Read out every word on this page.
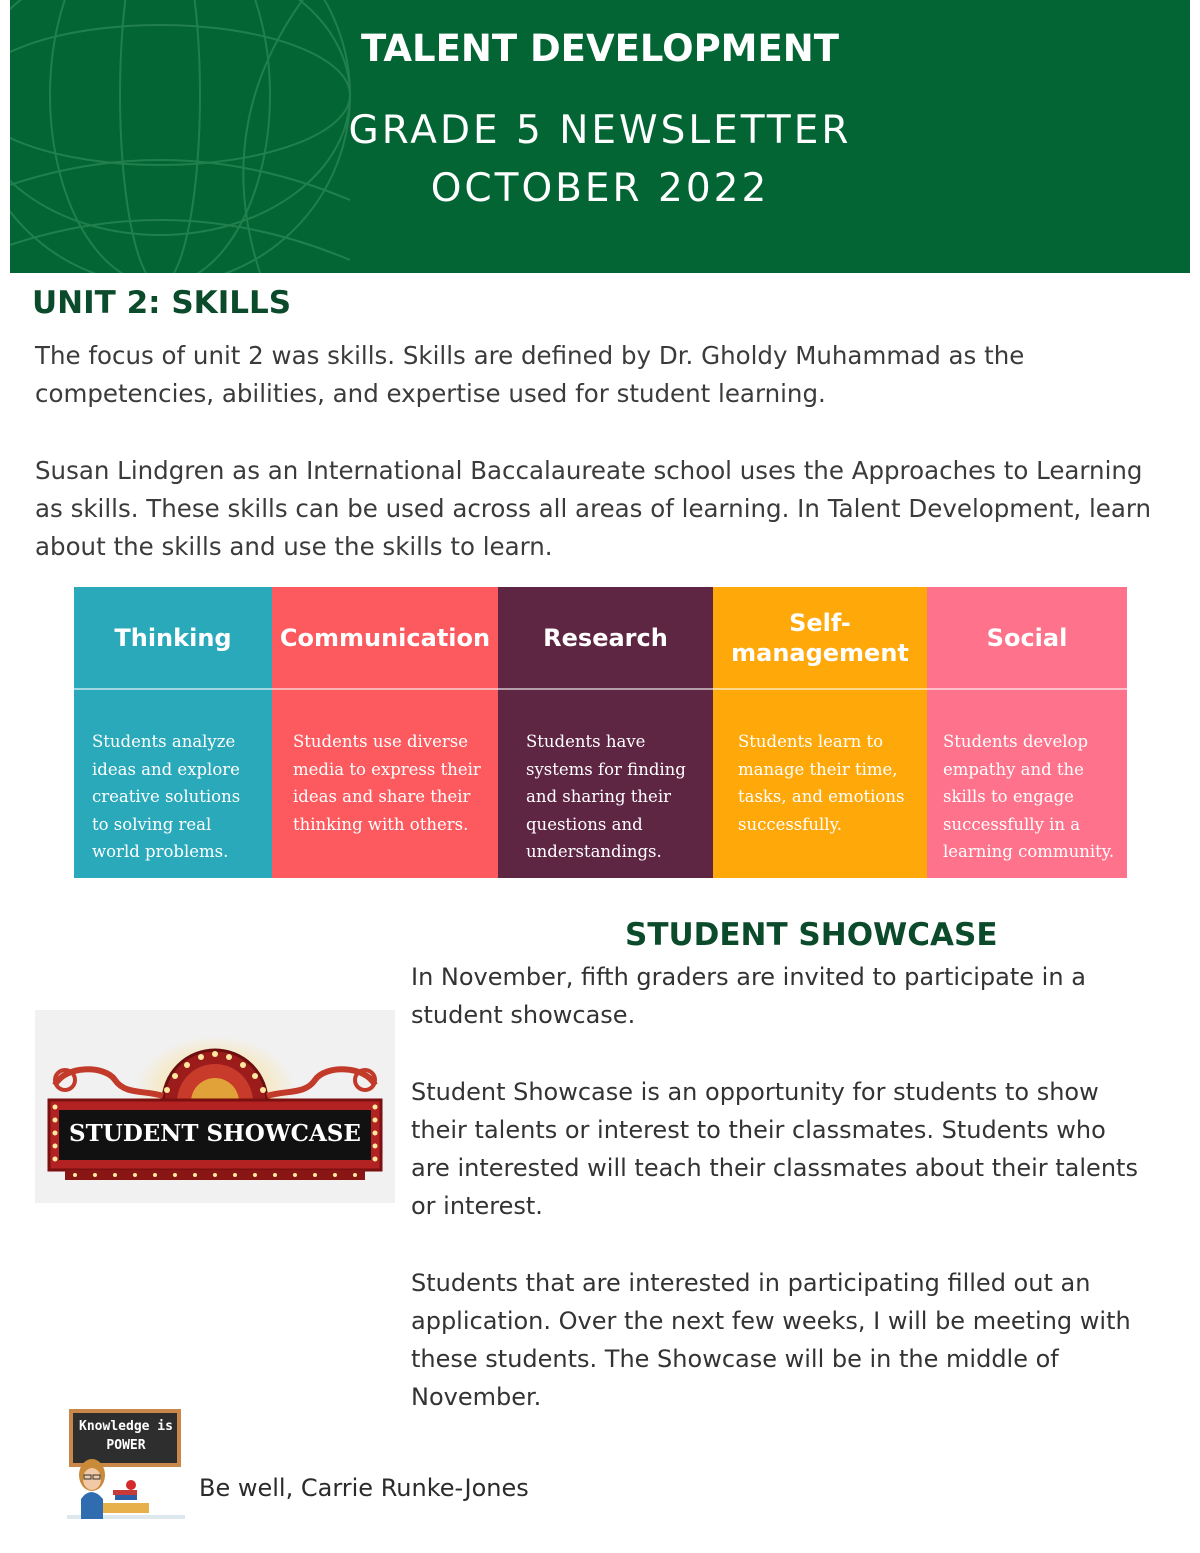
TALENT DEVELOPMENT
GRADE 5 NEWSLETTER
OCTOBER 2022
UNIT 2: SKILLS

The focus of unit 2 was skills. Skills are defined by Dr. Gholdy Muhammad as the competencies, abilities, and expertise used for student learning.

Susan Lindgren as an International Baccalaureate school uses the Approaches to Learning as skills. These skills can be used across all areas of learning. In Talent Development, learn about the skills and use the skills to learn.

Thinking
Students analyze ideas and explore creative solutions to solving real world problems.
Communication
Students use diverse media to express their ideas and share their thinking with others.
Research
Students have systems for finding and sharing their questions and understandings.
Self-management
Students learn to manage their time, tasks, and emotions successfully.
Social
Students develop empathy and the skills to engage successfully in a learning community.
STUDENT SHOWCASE

In November, fifth graders are invited to participate in a student showcase.

Student Showcase is an opportunity for students to show their talents or interest to their classmates. Students who are interested will teach their classmates about their talents or interest.

Students that are interested in participating filled out an application. Over the next few weeks, I will be meeting with these students. The Showcase will be in the middle of November.

STUDENT SHOWCASE
Knowledge is
POWER

Be well, Carrie Runke-Jones
